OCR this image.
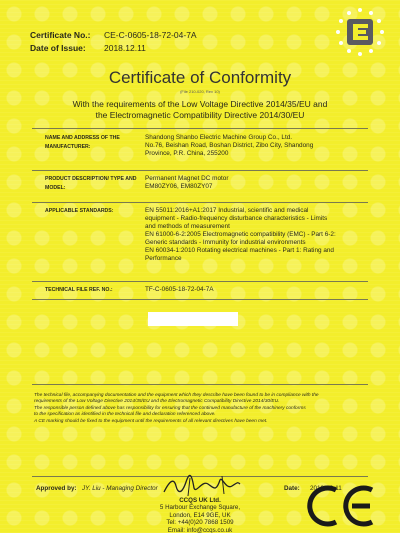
Certificate No.: CE-C-0605-18-72-04-7A
Date of Issue: 2018.12.11
Certificate of Conformity
(File 210-020, Rev 10)
With the requirements of the Low Voltage Directive 2014/35/EU and
the Electromagnetic Compatibility Directive 2014/30/EU
NAME AND ADDRESS OF THE MANUFACTURER:
Shandong Shanbo Electric Machine Group Co., Ltd.
No.76, Beishan Road, Boshan District, Zibo City, Shandong
Province, P.R. China, 255200
PRODUCT DESCRIPTION/ TYPE AND MODEL:
Permanent Magnet DC motor
EM80ZY06, EM80ZY07
APPLICABLE STANDARDS:	EN 55011:2016+A1:2017 Industrial, scientific and medical
equipment - Radio-frequency disturbance characteristics - Limits
and methods of measurement
EN 61000-6-2:2005 Electromagnetic compatibility (EMC) - Part 6-2:
Generic standards - Immunity for industrial environments
EN 60034-1:2010 Rotating electrical machines - Part 1: Rating and
Performance
TECHNICAL FILE REF. NO.:	TF-C-0605-18-72-04-7A
The technical file, accompanying documentation and the equipment which they describe have been found to be in compliance with the
requirements of the Low Voltage Directive 2014/35/EU and the Electromagnetic Compatibility Directive 2014/30/EU.
The responsible person defined above has responsibility for ensuring that the continued manufacture of the machinery conforms
to the specification as identified in the technical file and declaration referenced above.
A CE marking should be fixed to the equipment until the requirements of all relevant directives have been met.
Approved by: JY. Liu - Managing Director	Date: 2018-12-11
CCQS UK Ltd.
5 Harbour Exchange Square,
London, E14 9GE, UK
Tel: +44(0)20 7868 1509
Email: info@ccqs.co.uk
